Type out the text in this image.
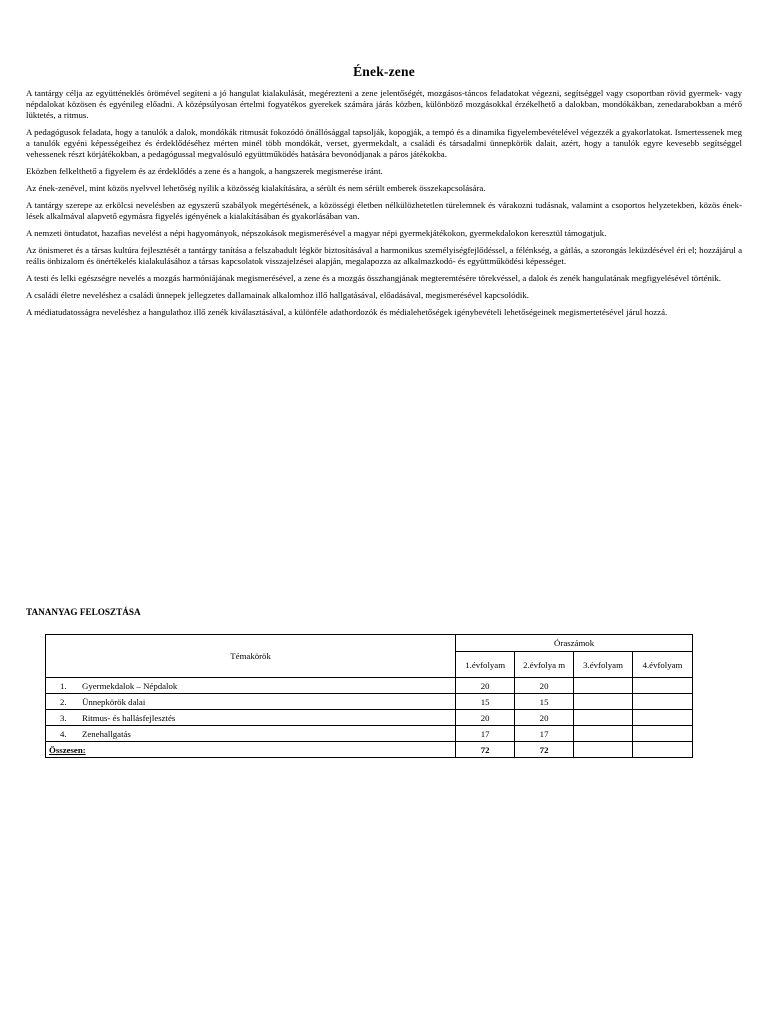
Ének-zene

A tantárgy célja az együtténeklés örömével segíteni a jó hangulat kialakulását, megérezteni a zene jelentőségét, mozgásos-táncos feladatokat végezni, segítséggel vagy csoportban rövid gyermek- vagy népdalokat közösen és egyénileg előadni. A középsúlyosan értelmi fogyatékos gyerekek számára járás közben, különböző mozgásokkal érzékelhető a dalokban, mondókákban, zenedarabokban a mérő lüktetés, a ritmus.

A pedagógusok feladata, hogy a tanulók a dalok, mondókák ritmusát fokozódó önállósággal tapsolják, kopogják, a tempó és a dinamika figyelembevételével végezzék a gyakorlatokat. Ismertessenek meg a tanulók egyéni képességeihez és érdeklődéséhez mérten minél több mondókát, verset, gyermekdalt, a családi és társadalmi ünnepkörök dalait, azért, hogy a tanulók egyre kevesebb segítséggel vehessenek részt körjátékokban, a pedagógussal megvalósuló együttműködés hatására bevonódjanak a páros játékokba.

Eközben felkelthető a figyelem és az érdeklődés a zene és a hangok, a hangszerek megismerése iránt.

Az ének-zenével, mint közös nyelvvel lehetőség nyílik a közösség kialakítására, a sérült és nem sérült emberek összekapcsolására.

A tantárgy szerepe az erkölcsi nevelésben az egyszerű szabályok megértésének, a közösségi életben nélkülözhetetlen türelemnek és várakozni tudásnak, valamint a csoportos helyzetekben, közös éneklések alkalmával alapvető egymásra figyelés igényének a kialakításában és gyakorlásában van.

A nemzeti öntudatot, hazafias nevelést a népi hagyományok, népszokások megismerésével a magyar népi gyermekjátékokon, gyermekdalokon keresztül támogatjuk.

Az önismeret és a társas kultúra fejlesztését a tantárgy tanítása a felszabadult légkör biztosításával a harmonikus személyiségfejlődéssel, a félénkség, a gátlás, a szorongás leküzdésével éri el; hozzájárul a reális önbizalom és önértékelés kialakulásához a társas kapcsolatok visszajelzései alapján, megalapozza az alkalmazkodó- és együttműködési képességet.

A testi és lelki egészségre nevelés a mozgás harmóniájának megismerésével, a zene és a mozgás összhangjának megteremtésére törekvéssel, a dalok és zenék hangulatának megfigyelésével történik.

A családi életre neveléshez a családi ünnepek jellegzetes dallamainak alkalomhoz illő hallgatásával, előadásával, megismerésével kapcsolódik.

A médiatudatosságra neveléshez a hangulathoz illő zenék kiválasztásával, a különféle adathordozók és médialehetőségek igénybevételi lehetőségeinek megismertetésével járul hozzá.

TANANYAG FELOSZTÁSA
Témakörök	Óraszámok			
	1.évfolyam	2.évfolya m	3.évfolyam	4.évfolyam
1. Gyermekdalok – Népdalok	20	20		
2. Ünnepkörök dalai	15	15		
3. Ritmus- és hallásfejlesztés	20	20		
4. Zenehallgatás	17	17		
Összesen:	72	72		
